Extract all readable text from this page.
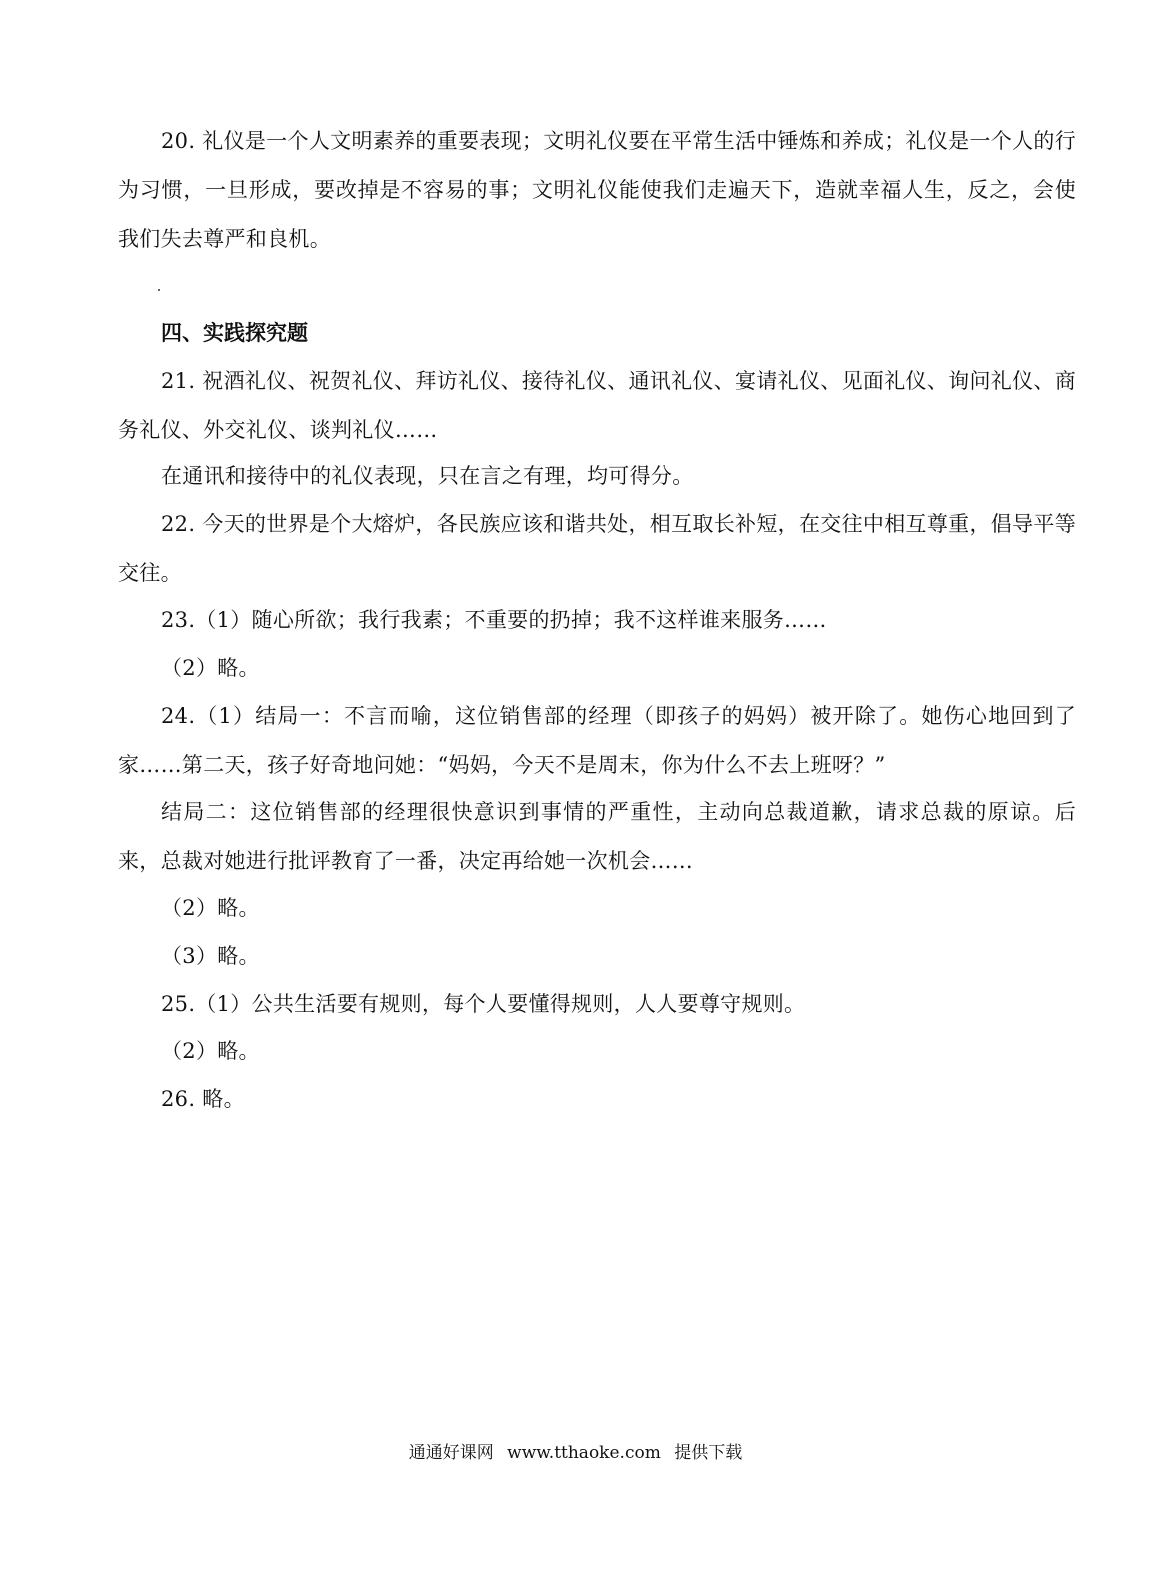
20. 礼仪是一个人文明素养的重要表现；文明礼仪要在平常生活中锤炼和养成；礼仪是一个人的行为习惯，一旦形成，要改掉是不容易的事；文明礼仪能使我们走遍天下，造就幸福人生，反之，会使我们失去尊严和良机。

四、实践探究题

21. 祝酒礼仪、祝贺礼仪、拜访礼仪、接待礼仪、通讯礼仪、宴请礼仪、见面礼仪、询问礼仪、商务礼仪、外交礼仪、谈判礼仪……

在通讯和接待中的礼仪表现，只在言之有理，均可得分。

22. 今天的世界是个大熔炉，各民族应该和谐共处，相互取长补短，在交往中相互尊重，倡导平等交往。

23.（1）随心所欲；我行我素；不重要的扔掉；我不这样谁来服务……

（2）略。

24.（1）结局一：不言而喻，这位销售部的经理（即孩子的妈妈）被开除了。她伤心地回到了家……第二天，孩子好奇地问她：“妈妈，今天不是周末，你为什么不去上班呀？”

结局二：这位销售部的经理很快意识到事情的严重性，主动向总裁道歉，请求总裁的原谅。后来，总裁对她进行批评教育了一番，决定再给她一次机会……

（2）略。

（3）略。

25.（1）公共生活要有规则，每个人要懂得规则，人人要尊守规则。

（2）略。

26. 略。

通通好课网 www.tthaoke.com 提供下载
